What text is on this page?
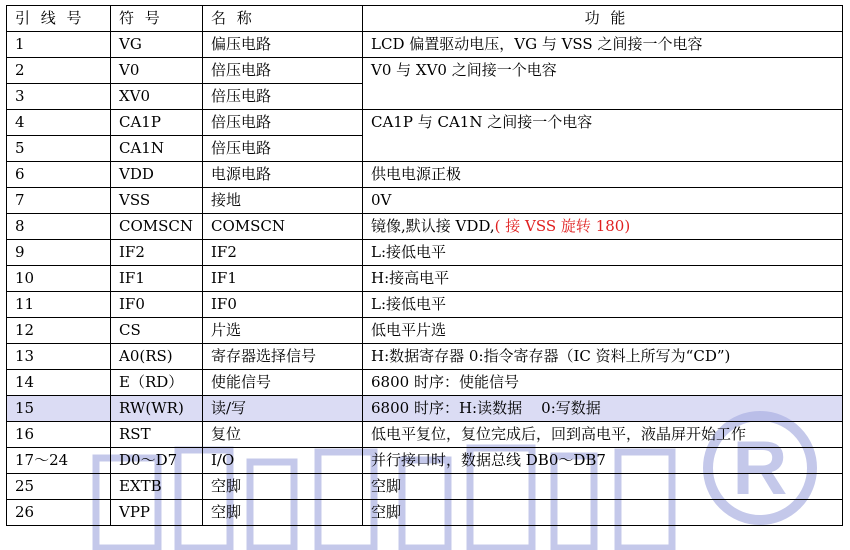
R
引 线 号	符 号	名 称	功 能
1	VG	偏压电路	LCD 偏置驱动电压，VG 与 VSS 之间接一个电容
2	V0	倍压电路	V0 与 XV0 之间接一个电容
3	XV0	倍压电路	
4	CA1P	倍压电路	CA1P 与 CA1N 之间接一个电容
5	CA1N	倍压电路	
6	VDD	电源电路	供电电源正极
7	VSS	接地	0V
8	COMSCN	COMSCN	镜像,默认接 VDD,( 接 VSS 旋转 180)
9	IF2	IF2	L:接低电平
10	IF1	IF1	H:接高电平
11	IF0	IF0	L:接低电平
12	CS	片选	低电平片选
13	A0(RS)	寄存器选择信号	H:数据寄存器 0:指令寄存器（IC 资料上所写为“CD”)
14	E（RD）	使能信号	6800 时序：使能信号
15	RW(WR)	读/写	6800 时序：H:读数据    0:写数据
16	RST	复位	低电平复位，复位完成后，回到高电平，液晶屏开始工作
17～24	D0～D7	I/O	并行接口时，数据总线 DB0～DB7
25	EXTB	空脚	空脚
26	VPP	空脚	空脚
